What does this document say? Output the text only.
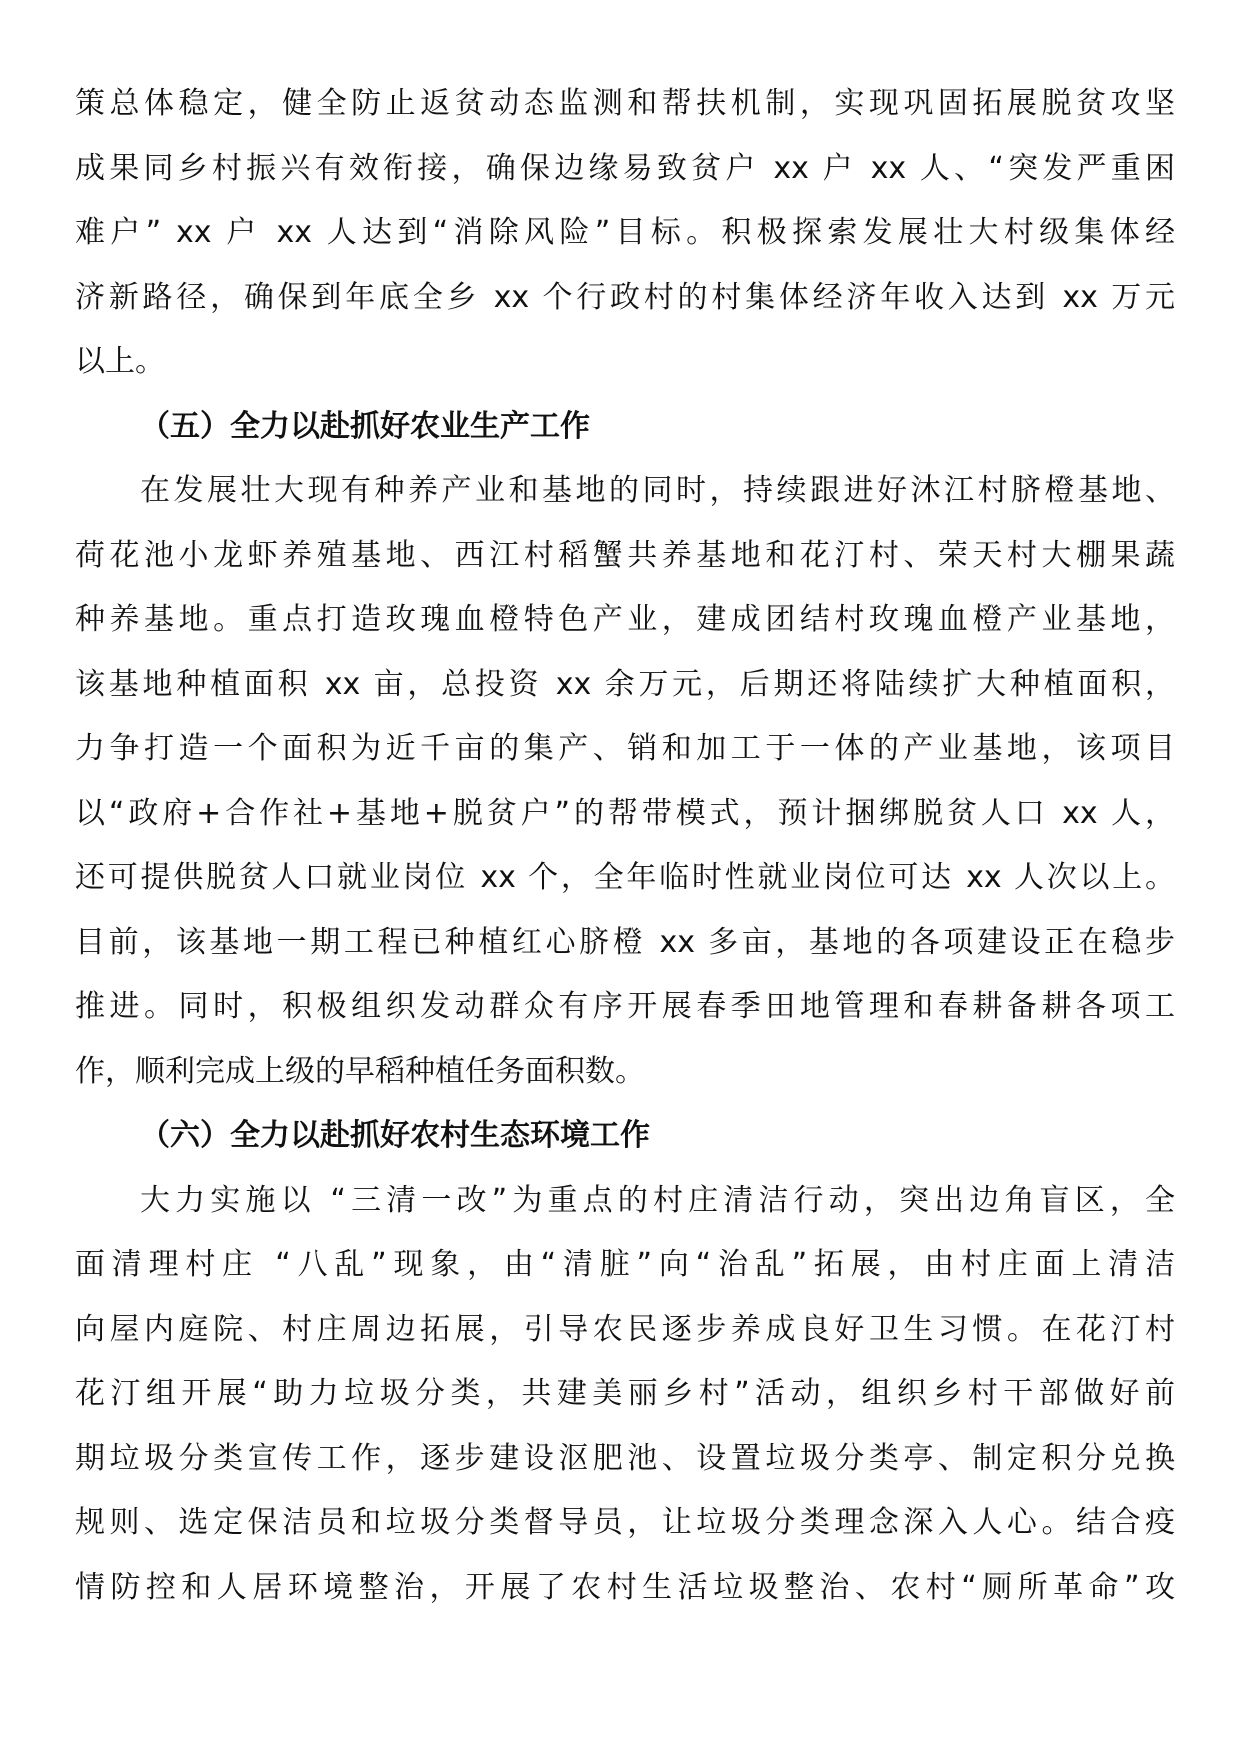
策总体稳定，健全防止返贫动态监测和帮扶机制，实现巩固拓展脱贫攻坚
成果同乡村振兴有效衔接，确保边缘易致贫户 xx 户 xx 人、“突发严重困
难户” xx 户 xx 人达到“消除风险”目标。积极探索发展壮大村级集体经
济新路径，确保到年底全乡 xx 个行政村的村集体经济年收入达到 xx 万元
以上。
（五）全力以赴抓好农业生产工作
在发展壮大现有种养产业和基地的同时，持续跟进好沐江村脐橙基地、
荷花池小龙虾养殖基地、西江村稻蟹共养基地和花汀村、荣天村大棚果蔬
种养基地。重点打造玫瑰血橙特色产业，建成团结村玫瑰血橙产业基地，
该基地种植面积 xx 亩，总投资 xx 余万元，后期还将陆续扩大种植面积，
力争打造一个面积为近千亩的集产、销和加工于一体的产业基地，该项目
以“政府+合作社+基地+脱贫户”的帮带模式，预计捆绑脱贫人口 xx 人，
还可提供脱贫人口就业岗位 xx 个，全年临时性就业岗位可达 xx 人次以上。
目前，该基地一期工程已种植红心脐橙 xx 多亩，基地的各项建设正在稳步
推进。同时，积极组织发动群众有序开展春季田地管理和春耕备耕各项工
作，顺利完成上级的早稻种植任务面积数。
（六）全力以赴抓好农村生态环境工作
大力实施以 “三清一改”为重点的村庄清洁行动，突出边角盲区，全
面清理村庄 “八乱”现象，由“清脏”向“治乱”拓展，由村庄面上清洁
向屋内庭院、村庄周边拓展，引导农民逐步养成良好卫生习惯。在花汀村
花汀组开展“助力垃圾分类，共建美丽乡村”活动，组织乡村干部做好前
期垃圾分类宣传工作，逐步建设沤肥池、设置垃圾分类亭、制定积分兑换
规则、选定保洁员和垃圾分类督导员，让垃圾分类理念深入人心。结合疫
情防控和人居环境整治，开展了农村生活垃圾整治、农村“厕所革命”攻
